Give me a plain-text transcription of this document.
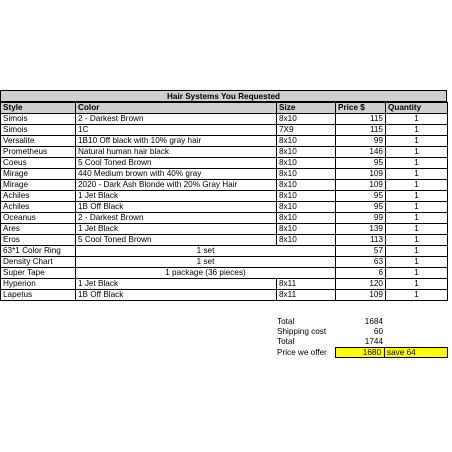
Hair Systems You Requested
Style	Color	Size	Price $	Quantity
Simois	2 - Darkest Brown	8x10	115	1
Simois	1C	7X9	115	1
Versalite	1B10 Off black with 10% gray hair	8x10	99	1
Prometheus	Natural human hair black	8x10	146	1
Coeus	5 Cool Toned Brown	8x10	95	1
Mirage	440 Medium brown with 40% gray	8x10	109	1
Mirage	2020 - Dark Ash Blonde with 20% Gray Hair	8x10	109	1
Achiles	1 Jet Black	8x10	95	1
Achiles	1B Off Black	8x10	95	1
Oceanus	2 - Darkest Brown	8x10	99	1
Ares	1 Jet Black	8x10	139	1
Eros	5 Cool Toned Brown	8x10	113	1
63*1 Color Ring	1 set		57	1
Density Chart	1 set		63	1
Super Tape	1 package (36 pieces)		6	1
Hyperion	1 Jet Black	8x11	120	1
Lapetus	1B Off Black	8x11	109	1
Total	1684
Shipping cost	60
Total	1744
Price we offer	1680 save 64
